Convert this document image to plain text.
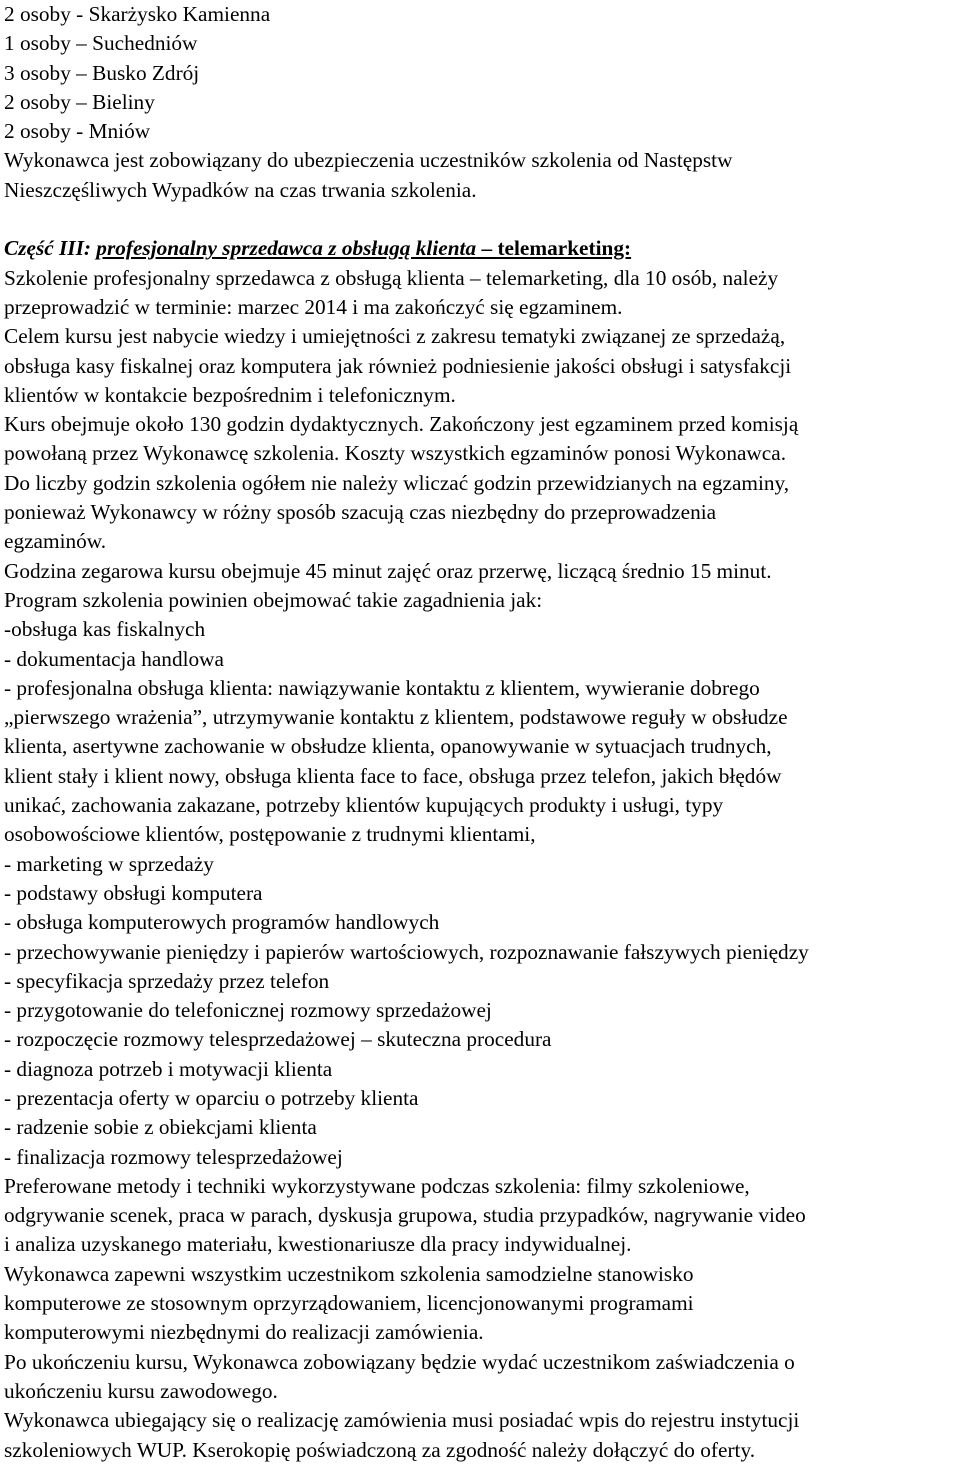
2 osoby - Skarżysko Kamienna
1 osoby – Suchedniów
3 osoby – Busko Zdrój
2 osoby – Bieliny
2 osoby - Mniów
Wykonawca jest zobowiązany do ubezpieczenia uczestników szkolenia od Następstw
Nieszczęśliwych Wypadków na czas trwania szkolenia.
Część III: profesjonalny sprzedawca z obsługą klienta – telemarketing:
Szkolenie profesjonalny sprzedawca z obsługą klienta – telemarketing, dla 10 osób, należy
przeprowadzić w terminie: marzec 2014 i ma zakończyć się egzaminem.
Celem kursu jest nabycie wiedzy i umiejętności z zakresu tematyki związanej ze sprzedażą,
obsługa kasy fiskalnej oraz komputera jak również podniesienie jakości obsługi i satysfakcji
klientów w kontakcie bezpośrednim i telefonicznym.
Kurs obejmuje około 130 godzin dydaktycznych. Zakończony jest egzaminem przed komisją
powołaną przez Wykonawcę szkolenia. Koszty wszystkich egzaminów ponosi Wykonawca.
Do liczby godzin szkolenia ogółem nie należy wliczać godzin przewidzianych na egzaminy,
ponieważ Wykonawcy w różny sposób szacują czas niezbędny do przeprowadzenia
egzaminów.
Godzina zegarowa kursu obejmuje 45 minut zajęć oraz przerwę, liczącą średnio 15 minut.
Program szkolenia powinien obejmować takie zagadnienia jak:
-obsługa kas fiskalnych
- dokumentacja handlowa
- profesjonalna obsługa klienta: nawiązywanie kontaktu z klientem, wywieranie dobrego
„pierwszego wrażenia”, utrzymywanie kontaktu z klientem, podstawowe reguły w obsłudze
klienta, asertywne zachowanie w obsłudze klienta, opanowywanie w sytuacjach trudnych,
klient stały i klient nowy, obsługa klienta face to face, obsługa przez telefon, jakich błędów
unikać, zachowania zakazane, potrzeby klientów kupujących produkty i usługi, typy
osobowościowe klientów, postępowanie z trudnymi klientami,
- marketing w sprzedaży
- podstawy obsługi komputera
- obsługa komputerowych programów handlowych
- przechowywanie pieniędzy i papierów wartościowych, rozpoznawanie fałszywych pieniędzy
- specyfikacja sprzedaży przez telefon
- przygotowanie do telefonicznej rozmowy sprzedażowej
- rozpoczęcie rozmowy telesprzedażowej – skuteczna procedura
- diagnoza potrzeb i motywacji klienta
- prezentacja oferty w oparciu o potrzeby klienta
- radzenie sobie z obiekcjami klienta
- finalizacja rozmowy telesprzedażowej
Preferowane metody i techniki wykorzystywane podczas szkolenia: filmy szkoleniowe,
odgrywanie scenek, praca w parach, dyskusja grupowa, studia przypadków, nagrywanie video
i analiza uzyskanego materiału, kwestionariusze dla pracy indywidualnej.
Wykonawca zapewni wszystkim uczestnikom szkolenia samodzielne stanowisko
komputerowe ze stosownym oprzyrządowaniem, licencjonowanymi programami
komputerowymi niezbędnymi do realizacji zamówienia.
Po ukończeniu kursu, Wykonawca zobowiązany będzie wydać uczestnikom zaświadczenia o
ukończeniu kursu zawodowego.
Wykonawca ubiegający się o realizację zamówienia musi posiadać wpis do rejestru instytucji
szkoleniowych WUP. Kserokopię poświadczoną za zgodność należy dołączyć do oferty.
